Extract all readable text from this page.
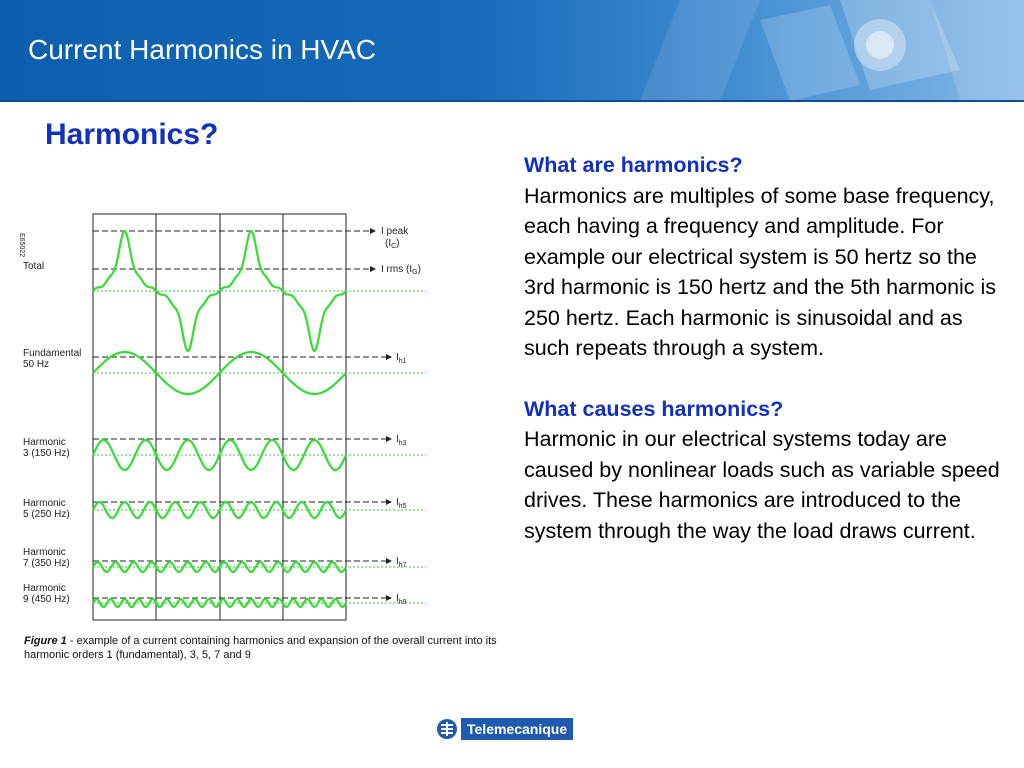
Current Harmonics in HVAC
Harmonics?
E65022
Total
Fundamental
50 Hz
Harmonic
3 (150 Hz)
Harmonic
5 (250 Hz)
Harmonic
7 (350 Hz)
Harmonic
9 (450 Hz)
I peak
$(I_C)$
I rms $(I_G)$
$I_{h1}$
$I_{h3}$
$I_{h5}$
$I_{h7}$
$I_{h9}$
Figure 1 - example of a current containing harmonics and expansion of the overall current into its harmonic orders 1 (fundamental), 3, 5, 7 and 9
What are harmonics?
Harmonics are multiples of some base frequency, each having a frequency and amplitude. For example our electrical system is 50 hertz so the 3rd harmonic is 150 hertz and the 5th harmonic is 250 hertz. Each harmonic is sinusoidal and as such repeats through a system.
What causes harmonics?
Harmonic in our electrical systems today are caused by nonlinear loads such as variable speed drives. These harmonics are introduced to the system through the way the load draws current.
Telemecanique
